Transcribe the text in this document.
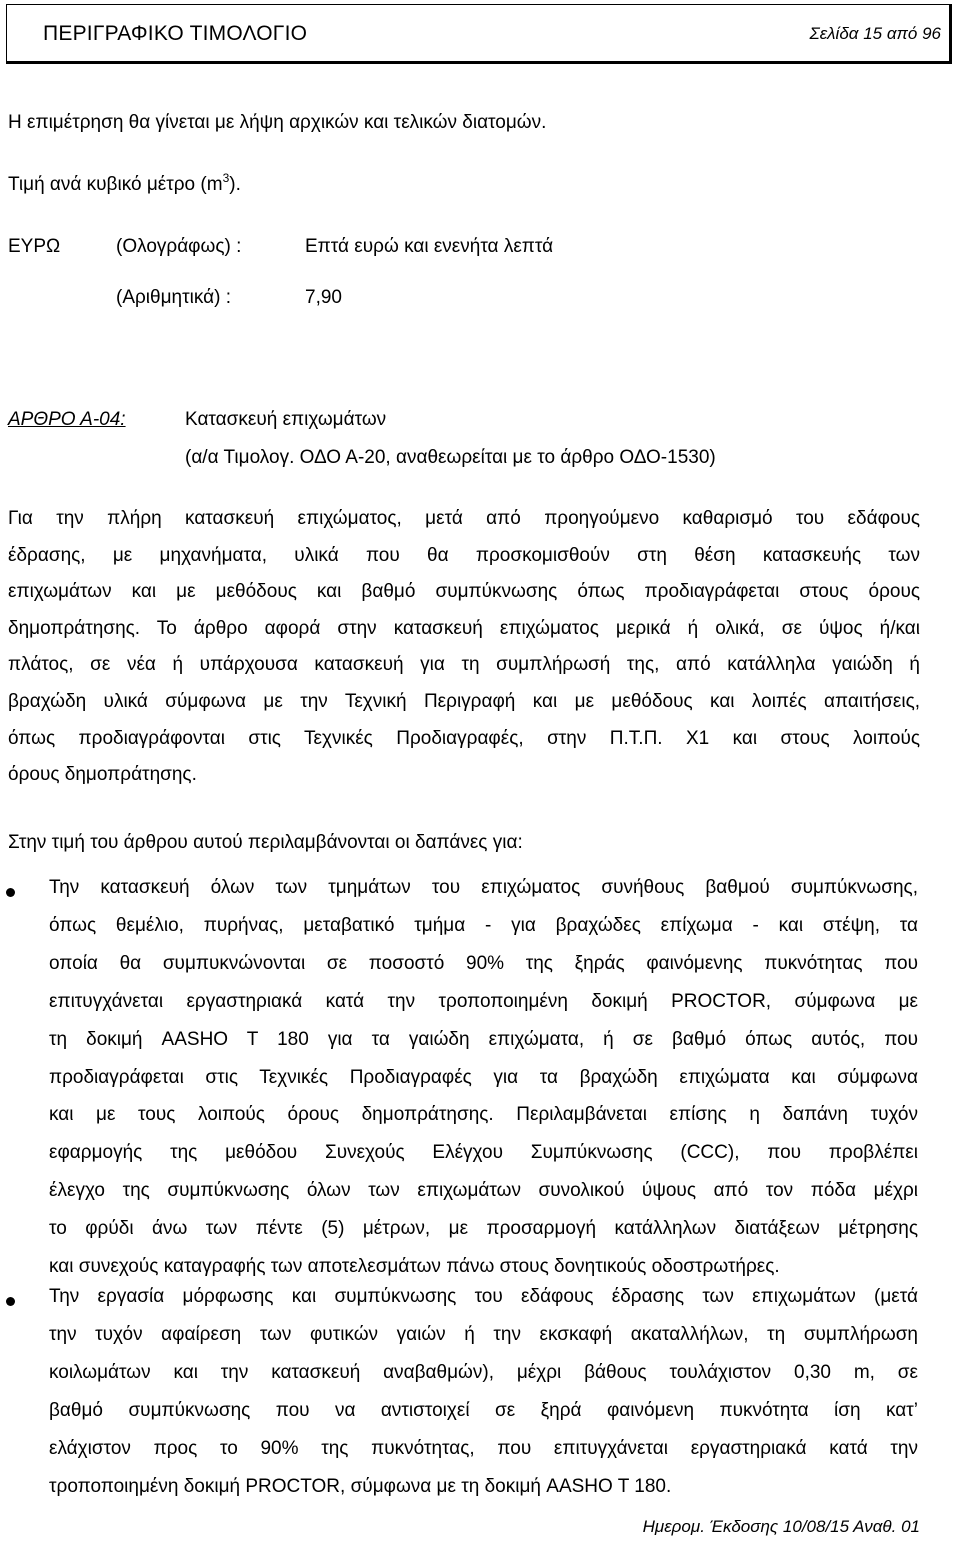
ΠΕΡΙΓΡΑΦΙΚΟ ΤΙΜΟΛΟΓΙΟ	Σελίδα 15 από 96
Η επιμέτρηση θα γίνεται με λήψη αρχικών και τελικών διατομών.
Τιμή ανά κυβικό μέτρο $(m^3)$.
ΕΥΡΩ	(Ολογράφως) :	Επτά ευρώ και ενενήτα λεπτά
(Αριθμητικά) :	7,90
ΑΡΘΡΟ Α-04:	Κατασκευή επιχωμάτων
(α/α Τιμολογ. ΟΔΟ Α-20, αναθεωρείται με το άρθρο ΟΔΟ-1530)
Για την πλήρη κατασκευή επιχώματος, μετά από προηγούμενο καθαρισμό του εδάφους
έδρασης, με μηχανήματα, υλικά που θα προσκομισθούν στη θέση κατασκευής των
επιχωμάτων και με μεθόδους και βαθμό συμπύκνωσης όπως προδιαγράφεται στους όρους
δημοπράτησης. Το άρθρο αφορά στην κατασκευή επιχώματος μερικά ή ολικά, σε ύψος ή/και
πλάτος, σε νέα ή υπάρχουσα κατασκευή για τη συμπλήρωσή της, από κατάλληλα γαιώδη ή
βραχώδη υλικά σύμφωνα με την Τεχνική Περιγραφή και με μεθόδους και λοιπές απαιτήσεις,
όπως προδιαγράφονται στις Τεχνικές Προδιαγραφές, στην Π.Τ.Π. Χ1 και στους λοιπούς
όρους δημοπράτησης.
Στην τιμή του άρθρου αυτού περιλαμβάνονται οι δαπάνες για:
Την κατασκευή όλων των τμημάτων του επιχώματος συνήθους βαθμού συμπύκνωσης,
όπως θεμέλιο, πυρήνας, μεταβατικό τμήμα - για βραχώδες επίχωμα - και στέψη, τα
οποία θα συμπυκνώνονται σε ποσοστό 90% της ξηράς φαινόμενης πυκνότητας που
επιτυγχάνεται εργαστηριακά κατά την τροποποιημένη δοκιμή PROCTOR, σύμφωνα με
τη δοκιμή AASHO T 180 για τα γαιώδη επιχώματα, ή σε βαθμό όπως αυτός, που
προδιαγράφεται στις Τεχνικές Προδιαγραφές για τα βραχώδη επιχώματα και σύμφωνα
και με τους λοιπούς όρους δημοπράτησης. Περιλαμβάνεται επίσης η δαπάνη τυχόν
εφαρμογής της μεθόδου Συνεχούς Ελέγχου Συμπύκνωσης (CCC), που προβλέπει
έλεγχο της συμπύκνωσης όλων των επιχωμάτων συνολικού ύψους από τον πόδα μέχρι
το φρύδι άνω των πέντε (5) μέτρων, με προσαρμογή κατάλληλων διατάξεων μέτρησης
και συνεχούς καταγραφής των αποτελεσμάτων πάνω στους δονητικούς οδοστρωτήρες.
Την εργασία μόρφωσης και συμπύκνωσης του εδάφους έδρασης των επιχωμάτων (μετά
την τυχόν αφαίρεση των φυτικών γαιών ή την εκσκαφή ακαταλλήλων, τη συμπλήρωση
κοιλωμάτων και την κατασκευή αναβαθμών), μέχρι βάθους τουλάχιστον 0,30 m, σε
βαθμό συμπύκνωσης που να αντιστοιχεί σε ξηρά φαινόμενη πυκνότητα ίση κατ’
ελάχιστον προς το 90% της πυκνότητας, που επιτυγχάνεται εργαστηριακά κατά την
τροποποιημένη δοκιμή PROCTOR, σύμφωνα με τη δοκιμή AASHO T 180.
Ημερομ. Έκδοσης 10/08/15 Αναθ. 01
